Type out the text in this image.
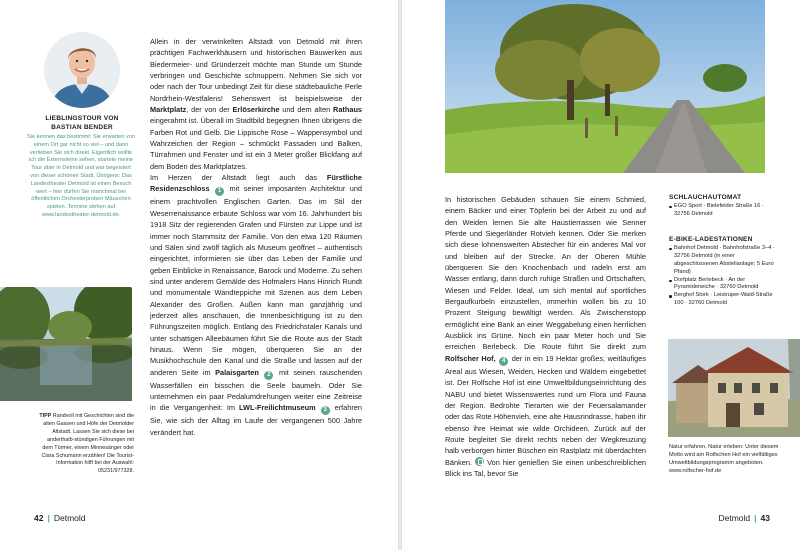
LIEBLINGSTOUR VON
BASTIAN BENDER

Sie kennen das bestimmt: Sie erwarten von einem Ort gar nicht so viel – und dann verlieben Sie sich direkt. Eigentlich wollte ich die Externsteine sehen, startete meine Tour aber in Detmold und war begeistert von dieser schönen Stadt. Übrigens: Das Landestheater Detmold ist einen Besuch wert – hier dürfen Sie manchmal bei öffentlichen Orchesterproben Mäuschen spielen. Termine stehen auf www.landestheater-detmold.de.

TIPP Randvoll mit Geschichten sind die alten Gassen und Höfe der Detmolder Altstadt. Lassen Sie sich diese bei anderthalb-stündigen Führungen mit dem Türmer, einem Minnesänger oder Clara Schumann erzählen! Die Tourist-Information hilft bei der Auswahl: 05231/977328.

Allein in der verwinkelten Altstadt von Detmold mit ihren prächtigen Fachwerkhäusern und historischen Bauwerken aus Biedermeier- und Gründerzeit möchte man Stunde um Stunde verbringen und Geschichte schnuppern. Nehmen Sie sich vor oder nach der Tour unbedingt Zeit für diese städtebauliche Perle Nordrhein-Westfalens! Sehenswert ist beispielsweise der Marktplatz, der von der Erlöserkirche und dem alten Rathaus eingerahmt ist. Überall im Stadtbild begegnen Ihnen übrigens die Farben Rot und Gelb. Die Lippische Rose – Wappensymbol und Wahrzeichen der Region – schmückt Fassaden und Balken, Türrahmen und Fenster und ist ein 3 Meter großer Blickfang auf dem Boden des Marktplatzes.
Im Herzen der Altstadt liegt auch das Fürstliche Residenzschloss 1 mit seiner imposanten Architektur und einem prachtvollen Englischen Garten. Das im Stil der Weserrenaissance erbaute Schloss war vom 16. Jahrhundert bis 1918 Sitz der regierenden Grafen und Fürsten zur Lippe und ist immer noch Stammsitz der Familie. Von den etwa 120 Räumen und Sälen sind zwölf täglich als Museum geöffnet – authentisch eingerichtet, informieren sie über das Leben der Familie und geben Einblicke in Renaissance, Barock und Moderne. Zu sehen sind unter anderem Gemälde des Hofmalers Hans Hinrich Rundt und monumentale Wandteppiche mit Szenen aus dem Leben Alexander des Großen. Außen kann man ganzjährig und jederzeit alles anschauen, die Innenbesichtigung ist zu den Führungszeiten möglich. Entlang des Friedrichstaler Kanals und unter schattigen Alleebäumen führt Sie die Route aus der Stadt hinaus. Wenn Sie mögen, überqueren Sie an der Musikhochschule den Kanal und die Straße und lassen auf der anderen Seite im Palaisgarten 2 mit seinen rauschenden Wasserfällen ein bisschen die Seele baumeln. Oder Sie unternehmen ein paar Pedalumdrehungen weiter eine Zeitreise in die Vergangenheit: Im LWL-Freilichtmuseum 3 erfahren Sie, wie sich der Alltag im Laufe der vergangenen 500 Jahre verändert hat.

42 | Detmold

In historischen Gebäuden schauen Sie einem Schmied, einem Bäcker und einer Töpferin bei der Arbeit zu und auf den Weiden lernen Sie alte Haustierrassen wie Senner Pferde und Siegerländer Rotvieh kennen. Oder Sie merken sich diese lohnenswerten Abstecher für ein anderes Mal vor und bleiben auf der Strecke. An der Oberen Mühle überqueren Sie den Knochenbach und radeln erst am Wasser entlang, dann durch ruhige Straßen und Ortschaften, Wiesen und Felder. Ideal, um sich mental auf sportliches Bergaufkurbeln einzustellen, immerhin wollen bis zu 10 Prozent Steigung bewältigt werden. Als Zwischenstopp ermöglicht eine Bank an einer Weggabelung einen herrlichen Ausblick ins Grüne. Noch ein paar Meter hoch und Sie erreichen Berlebeck. Die Route führt Sie direkt zum Rolfscher Hof, 4 der in ein 19 Hektar großes, weitläufiges Areal aus Wiesen, Weiden, Hecken und Wäldern eingebettet ist. Der Rolfsche Hof ist eine Umweltbildungseinrichtung des NABU und bietet Wissenswertes rund um Flora und Fauna der Region. Bedrohte Tierarten wie der Feuersalamander oder das Rote Höhenvieh, eine alte Hausrindrasse, haben ihr ebenso ihre Heimat wie wilde Orchideen. Zurück auf der Route begleitet Sie direkt rechts neben der Wegkreuzung halb verborgen hinter Büschen ein Rastplatz mit überdachten Bänken. Von hier genießen Sie einen unbeschreiblichen Blick ins Tal, bevor Sie

SCHLAUCHAUTOMAT
EGO Sport · Bielefelder Straße 16 · 32756 Detmold
E-BIKE-LADESTATIONEN
Bahnhof Detmold · Bahnhofstraße 3–4 · 32756 Detmold (in einer abgeschlossenen Abstellanlage; 5 Euro Pfand)
Dorfplatz Berlebeck · An der Pyramideneiche · 32760 Detmold
Berghof Stork · Leistruper-Wald-Straße 100 · 32760 Detmold

Natur erfahren, Natur erleben: Unter diesem Motto wird am Rolfschen Hof ein vielfältiges Umweltbildungsprogramm angeboten. www.rolfscher-hof.de

Detmold | 43
